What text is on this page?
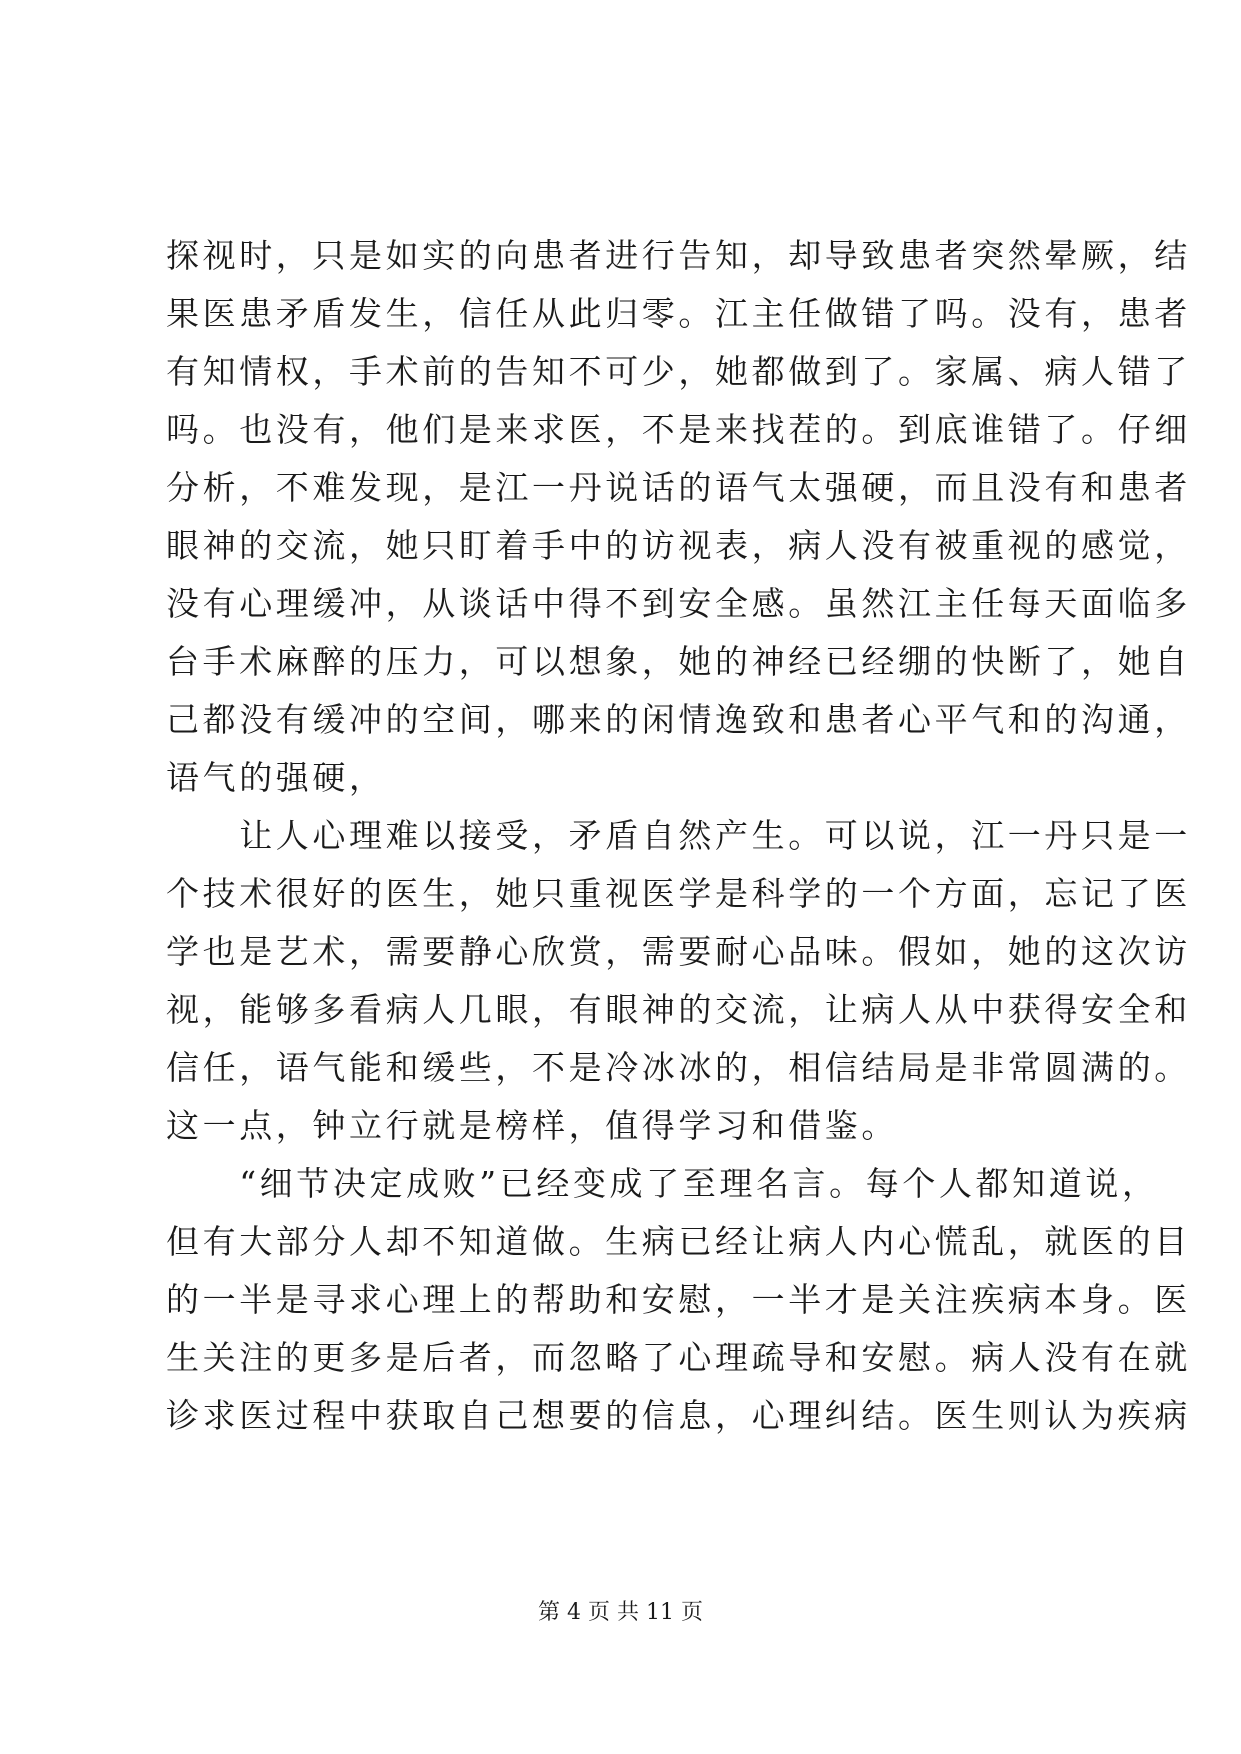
探视时，只是如实的向患者进行告知，却导致患者突然晕厥，结
果医患矛盾发生，信任从此归零。江主任做错了吗。没有，患者
有知情权，手术前的告知不可少，她都做到了。家属、病人错了
吗。也没有，他们是来求医，不是来找茬的。到底谁错了。仔细
分析，不难发现，是江一丹说话的语气太强硬，而且没有和患者
眼神的交流，她只盯着手中的访视表，病人没有被重视的感觉，
没有心理缓冲，从谈话中得不到安全感。虽然江主任每天面临多
台手术麻醉的压力，可以想象，她的神经已经绷的快断了，她自
己都没有缓冲的空间，哪来的闲情逸致和患者心平气和的沟通，
语气的强硬，
　　让人心理难以接受，矛盾自然产生。可以说，江一丹只是一
个技术很好的医生，她只重视医学是科学的一个方面，忘记了医
学也是艺术，需要静心欣赏，需要耐心品味。假如，她的这次访
视，能够多看病人几眼，有眼神的交流，让病人从中获得安全和
信任，语气能和缓些，不是冷冰冰的，相信结局是非常圆满的。
这一点，钟立行就是榜样，值得学习和借鉴。
　　“细节决定成败”已经变成了至理名言。每个人都知道说，
但有大部分人却不知道做。生病已经让病人内心慌乱，就医的目
的一半是寻求心理上的帮助和安慰，一半才是关注疾病本身。医
生关注的更多是后者，而忽略了心理疏导和安慰。病人没有在就
诊求医过程中获取自己想要的信息，心理纠结。医生则认为疾病
第 4 页 共 11 页
